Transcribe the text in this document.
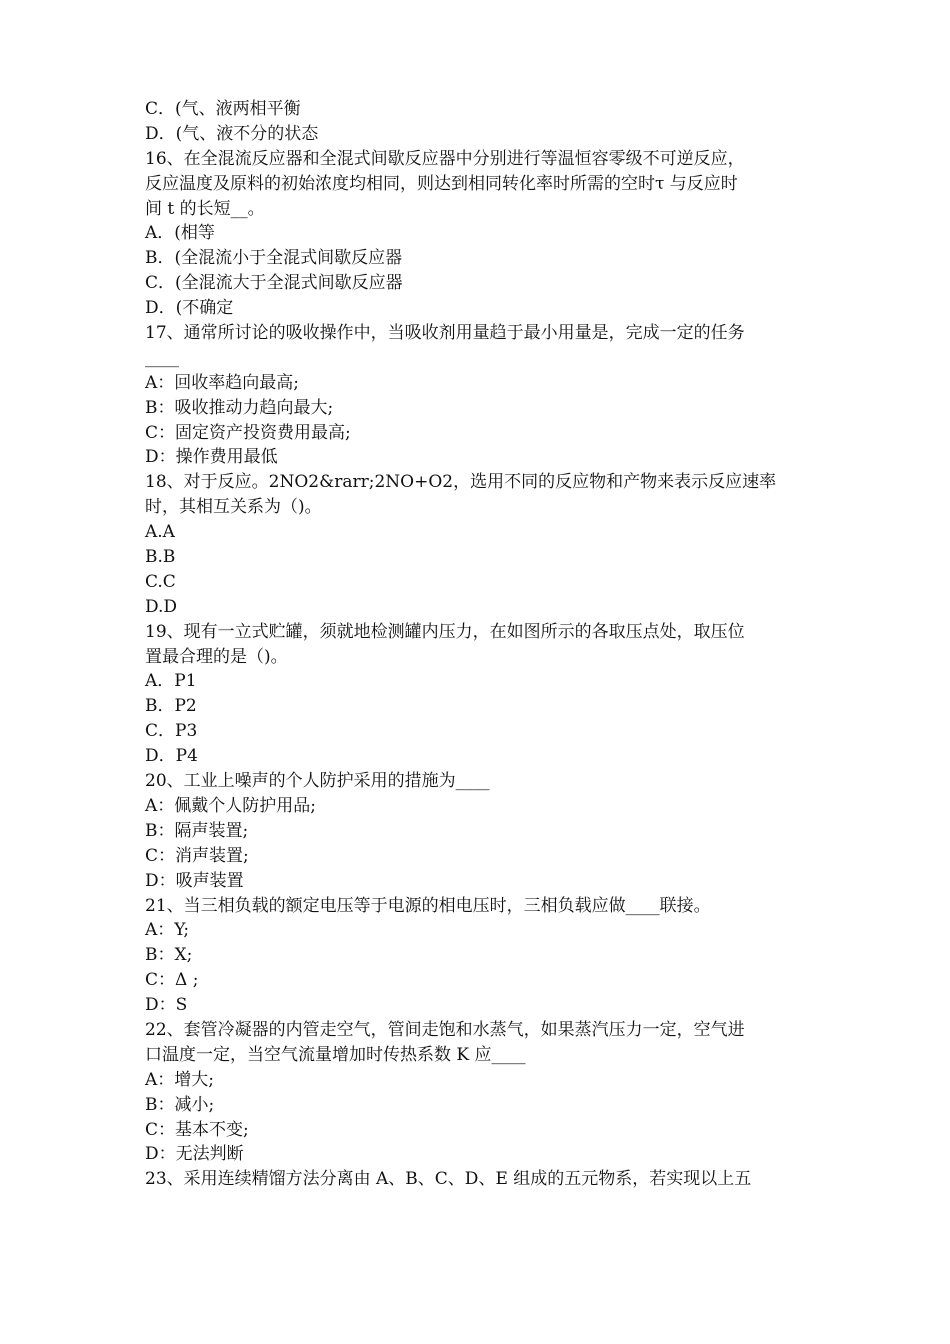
C．(气、液两相平衡
D．(气、液不分的状态
16、在全混流反应器和全混式间歇反应器中分别进行等温恒容零级不可逆反应，
反应温度及原料的初始浓度均相同，则达到相同转化率时所需的空时τ 与反应时
间 t 的长短__。
A．(相等
B．(全混流小于全混式间歇反应器
C．(全混流大于全混式间歇反应器
D．(不确定
17、通常所讨论的吸收操作中，当吸收剂用量趋于最小用量是，完成一定的任务
____
A：回收率趋向最高;
B：吸收推动力趋向最大;
C：固定资产投资费用最高;
D：操作费用最低
18、对于反应。2NO2&rarr;2NO+O2，选用不同的反应物和产物来表示反应速率
时，其相互关系为（)。
A.A
B.B
C.C
D.D
19、现有一立式贮罐，须就地检测罐内压力，在如图所示的各取压点处，取压位
置最合理的是（)。
A．P1
B．P2
C．P3
D．P4
20、工业上噪声的个人防护采用的措施为____
A：佩戴个人防护用品;
B：隔声装置;
C：消声装置;
D：吸声装置
21、当三相负载的额定电压等于电源的相电压时，三相负载应做____联接。
A：Y;
B：X;
C：Δ ;
D：S
22、套管冷凝器的内管走空气，管间走饱和水蒸气，如果蒸汽压力一定，空气进
口温度一定，当空气流量增加时传热系数 K 应____
A：增大;
B：减小;
C：基本不变;
D：无法判断
23、采用连续精馏方法分离由 A、B、C、D、E 组成的五元物系，若实现以上五
